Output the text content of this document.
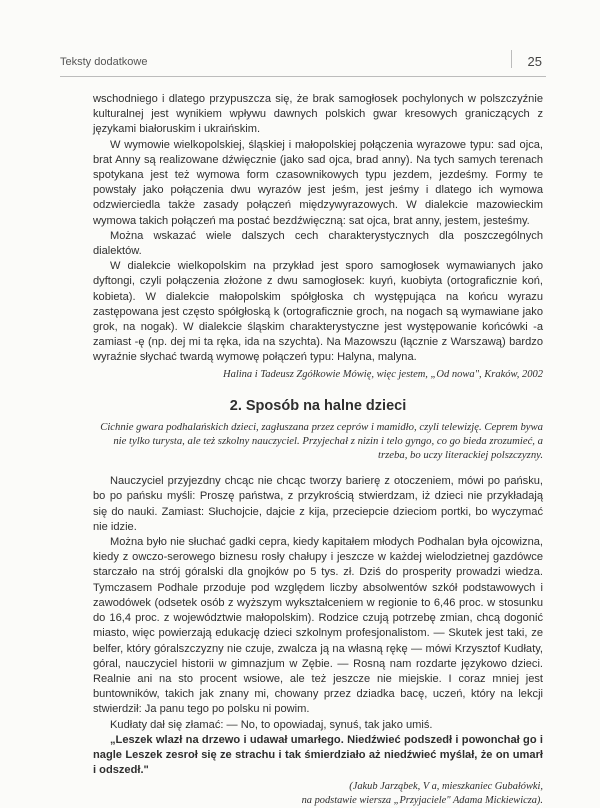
Teksty dodatkowe	25

wschodniego i dlatego przypuszcza się, że brak samogłosek pochylonych w polszczyźnie kulturalnej jest wynikiem wpływu dawnych polskich gwar kresowych graniczących z językami białoruskim i ukraińskim.

W wymowie wielkopolskiej, śląskiej i małopolskiej połączenia wyrazowe typu: sad ojca, brat Anny są realizowane dźwięcznie (jako sad ojca, brad anny). Na tych samych terenach spotykana jest też wymowa form czasownikowych typu jezdem, jezdeśmy. Formy te powstały jako połączenia dwu wyrazów jest jeśm, jest jeśmy i dlatego ich wymowa odzwierciedla także zasady połączeń międzywyrazowych. W dialekcie mazowieckim wymowa takich połączeń ma postać bezdźwięczną: sat ojca, brat anny, jestem, jesteśmy.

Można wskazać wiele dalszych cech charakterystycznych dla poszczególnych dialektów.

W dialekcie wielkopolskim na przykład jest sporo samogłosek wymawianych jako dyftongi, czyli połączenia złożone z dwu samogłosek: kuyń, kuobiyta (ortograficznie koń, kobieta). W dialekcie małopolskim spółgłoska ch występująca na końcu wyrazu zastępowana jest często spółgłoską k (ortograficznie groch, na nogach są wymawiane jako grok, na nogak). W dialekcie śląskim charakterystyczne jest występowanie końcówki -a zamiast -ę (np. dej mi ta ręka, ida na szychta). Na Mazowszu (łącznie z Warszawą) bardzo wyraźnie słychać twardą wymowę połączeń typu: Halyna, malyna.

Halina i Tadeusz Zgółkowie Mówię, więc jestem, „Od nowa", Kraków, 2002

2. Sposób na halne dzieci

Cichnie gwara podhalańskich dzieci, zagłuszana przez ceprów i mamidło, czyli telewizję. Ceprem bywa nie tylko turysta, ale też szkolny nauczyciel. Przyjechał z nizin i telo gyngo, co go bieda zrozumieć, a trzeba, bo uczy literackiej polszczyzny.

Nauczyciel przyjezdny chcąc nie chcąc tworzy barierę z otoczeniem, mówi po pańsku, bo po pańsku myśli: Proszę państwa, z przykrością stwierdzam, iż dzieci nie przykładają się do nauki. Zamiast: Słuchojcie, dajcie z kija, przeciepcie dzieciom portki, bo wyczymać nie idzie.

Można było nie słuchać gadki cepra, kiedy kapitałem młodych Podhalan była ojcowizna, kiedy z owczo-serowego biznesu rosły chałupy i jeszcze w każdej wielodzietnej gazdówce starczało na strój góralski dla gnojków po 5 tys. zł. Dziś do prosperity prowadzi wiedza. Tymczasem Podhale przoduje pod względem liczby absolwentów szkół podstawowych i zawodówek (odsetek osób z wyższym wykształceniem w regionie to 6,46 proc. w stosunku do 16,4 proc. z województwie małopolskim). Rodzice czują potrzebę zmian, chcą dogonić miasto, więc powierzają edukację dzieci szkolnym profesjonalistom. — Skutek jest taki, ze belfer, który góralszczyzny nie czuje, zwalcza ją na własną rękę — mówi Krzysztof Kudłaty, góral, nauczyciel historii w gimnazjum w Zębie. — Rosną nam rozdarte językowo dzieci. Realnie ani na sto procent wsiowe, ale też jeszcze nie miejskie. I coraz mniej jest buntowników, takich jak znany mi, chowany przez dziadka bacę, uczeń, który na lekcji stwierdził: Ja panu tego po polsku ni powim.

Kudłaty dał się złamać: — No, to opowiadaj, synuś, tak jako umiś.

„Leszek wlazł na drzewo i udawał umarłego. Niedźwieć podszedł i powonchał go i nagle Leszek zesroł się ze strachu i tak śmierdziało aż niedźwieć myślał, że on umarł i odszedł."

(Jakub Jarząbek, V a, mieszkaniec Gubałówki,

na podstawie wiersza „Przyjaciele" Adama Mickiewicza).
